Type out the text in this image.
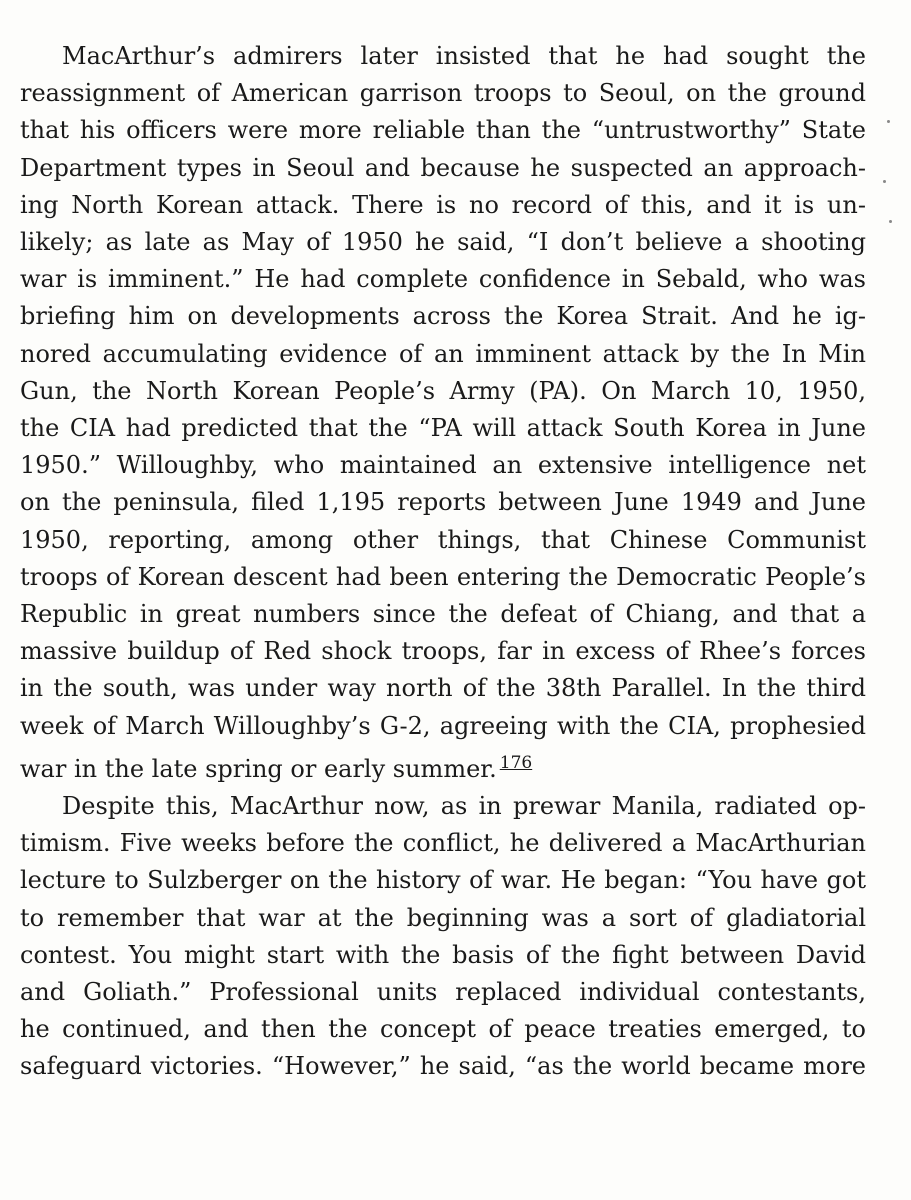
MacArthur’s admirers later insisted that he had sought the
reassignment of American garrison troops to Seoul, on the ground
that his officers were more reliable than the “untrustworthy” State
Department types in Seoul and because he suspected an approach-
ing North Korean attack. There is no record of this, and it is un-
likely; as late as May of 1950 he said, “I don’t believe a shooting
war is imminent.” He had complete confidence in Sebald, who was
briefing him on developments across the Korea Strait. And he ig-
nored accumulating evidence of an imminent attack by the In Min
Gun, the North Korean People’s Army (PA). On March 10, 1950,
the CIA had predicted that the “PA will attack South Korea in June
1950.” Willoughby, who maintained an extensive intelligence net
on the peninsula, filed 1,195 reports between June 1949 and June
1950, reporting, among other things, that Chinese Communist
troops of Korean descent had been entering the Democratic People’s
Republic in great numbers since the defeat of Chiang, and that a
massive buildup of Red shock troops, far in excess of Rhee’s forces
in the south, was under way north of the 38th Parallel. In the third
week of March Willoughby’s G-2, agreeing with the CIA, prophesied
war in the late spring or early summer. $^{176}$
Despite this, MacArthur now, as in prewar Manila, radiated op-
timism. Five weeks before the conflict, he delivered a MacArthurian
lecture to Sulzberger on the history of war. He began: “You have got
to remember that war at the beginning was a sort of gladiatorial
contest. You might start with the basis of the fight between David
and Goliath.” Professional units replaced individual contestants,
he continued, and then the concept of peace treaties emerged, to
safeguard victories. “However,” he said, “as the world became more
